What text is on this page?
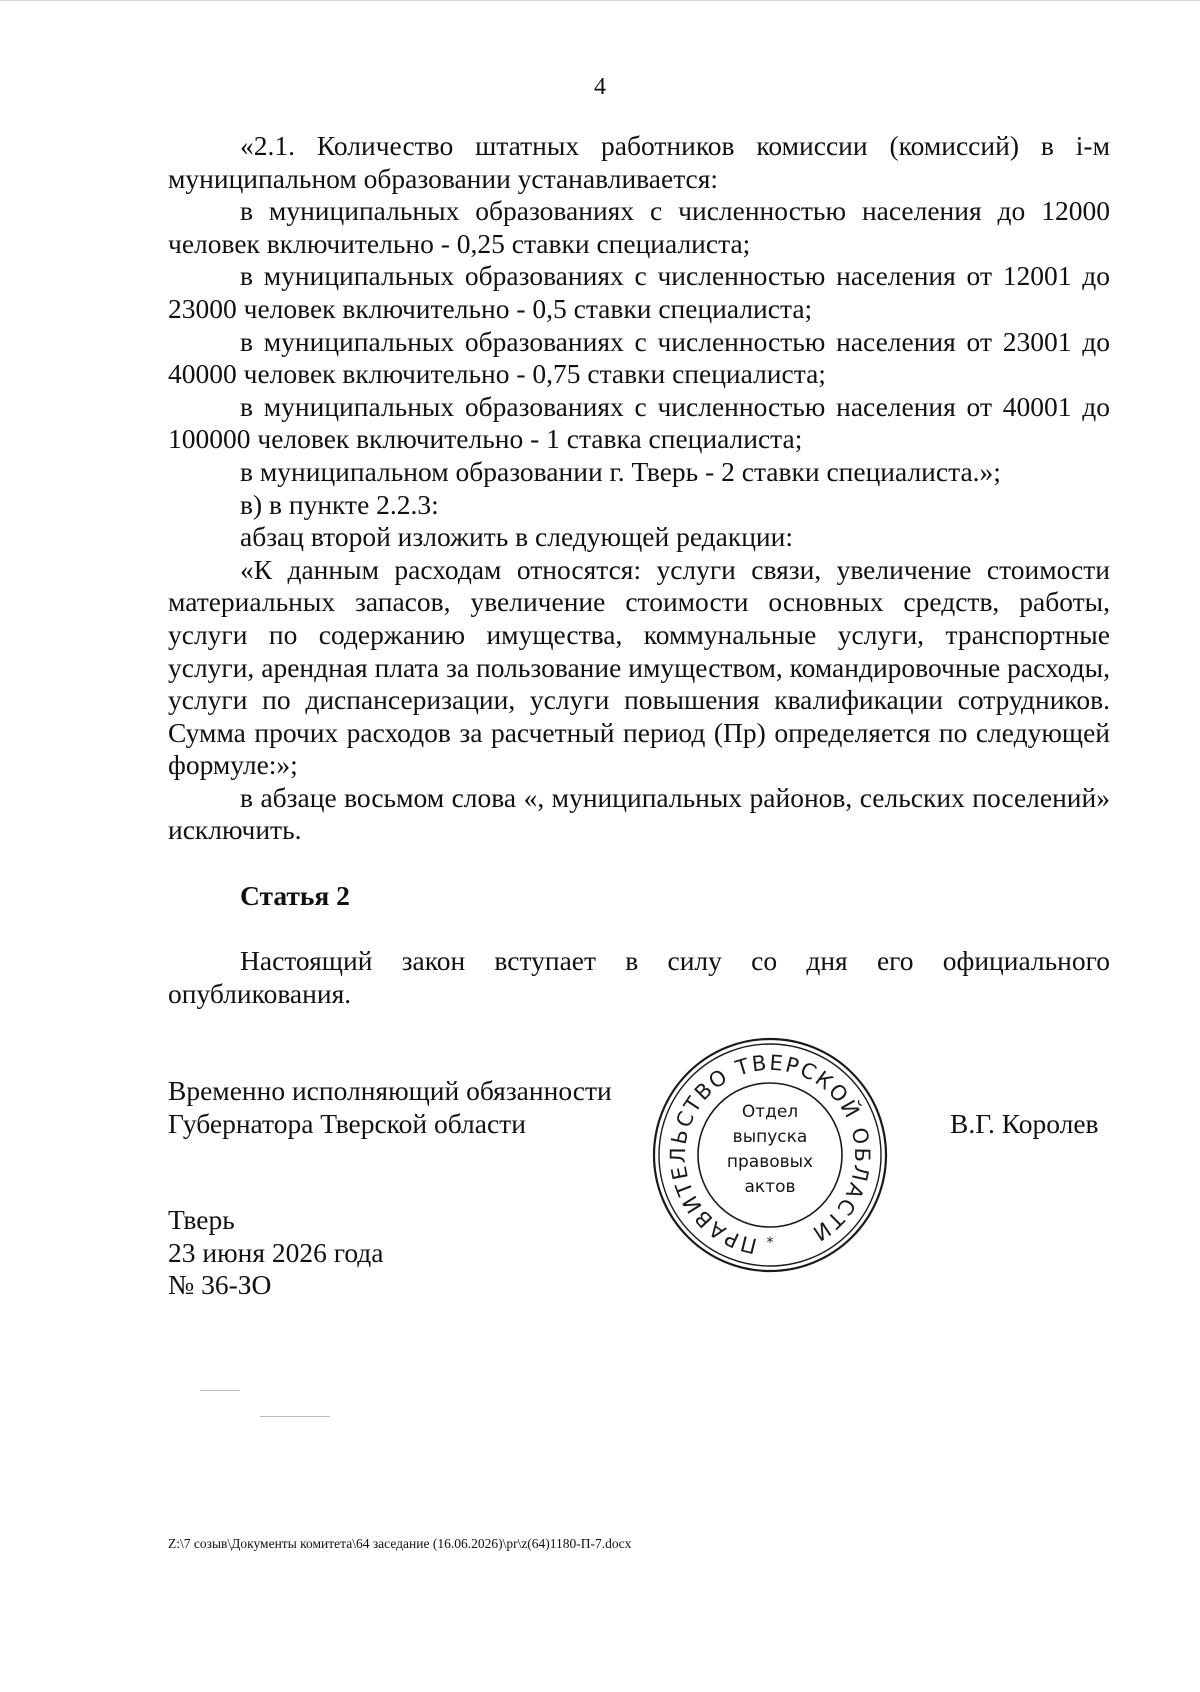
4

«2.1. Количество штатных работников комиссии (комиссий) в i-м муниципальном образовании устанавливается:

в муниципальных образованиях с численностью населения до 12000 человек включительно - 0,25 ставки специалиста;

в муниципальных образованиях с численностью населения от 12001 до 23000 человек включительно - 0,5 ставки специалиста;

в муниципальных образованиях с численностью населения от 23001 до 40000 человек включительно - 0,75 ставки специалиста;

в муниципальных образованиях с численностью населения от 40001 до 100000 человек включительно - 1 ставка специалиста;

в муниципальном образовании г. Тверь - 2 ставки специалиста.»;

в) в пункте 2.2.3:

абзац второй изложить в следующей редакции:

«К данным расходам относятся: услуги связи, увеличение стоимости материальных запасов, увеличение стоимости основных средств, работы, услуги по содержанию имущества, коммунальные услуги, транспортные услуги, арендная плата за пользование имуществом, командировочные расходы, услуги по диспансеризации, услуги повышения квалификации сотрудников. Сумма прочих расходов за расчетный период (Пр) определяется по следующей формуле:»;

в абзаце восьмом слова «, муниципальных районов, сельских поселений» исключить.

Статья 2

Настоящий закон вступает в силу со дня его официального опубликования.

Временно исполняющий обязанности
Губернатора Тверской области
ПРАВИТЕЛЬСТВО ТВЕРСКОЙ ОБЛАСТИ
*
Отдел
выпуска
правовых
актов
В.Г. Королев
Тверь
23 июня 2026 года
№ 36-ЗО
Z:\7 созыв\Документы комитета\64 заседание (16.06.2026)\pr\z(64)1180-П-7.docx
